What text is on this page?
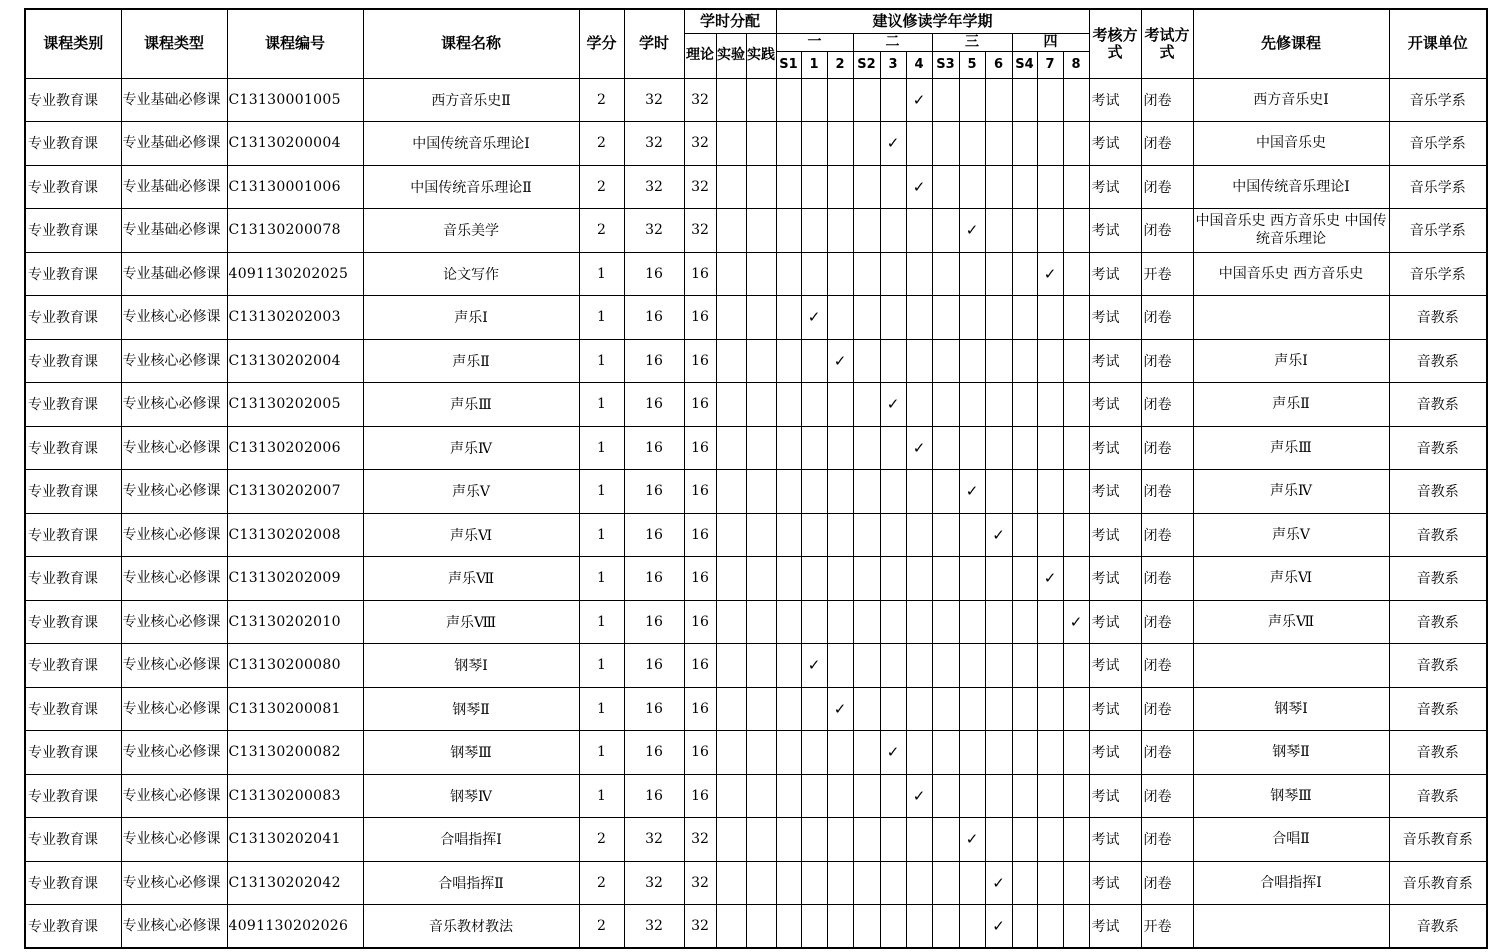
课程类别	课程类型	课程编号	课程名称	学分	学时	学时分配			建议修读学年学期												考核方式	考试方式	先修课程	开课单位
						理论	实验	实践	一			二			三			四						
									S1	1	2	S2	3	4	S3	5	6	S4	7	8				
专业教育课	专业基础必修课	C13130001005	西方音乐史Ⅱ	2	32	32								✓							考试	闭卷	西方音乐史Ⅰ	音乐学系
专业教育课	专业基础必修课	C13130200004	中国传统音乐理论Ⅰ	2	32	32							✓								考试	闭卷	中国音乐史	音乐学系
专业教育课	专业基础必修课	C13130001006	中国传统音乐理论Ⅱ	2	32	32								✓							考试	闭卷	中国传统音乐理论Ⅰ	音乐学系
专业教育课	专业基础必修课	C13130200078	音乐美学	2	32	32										✓					考试	闭卷	中国音乐史 西方音乐史 中国传统音乐理论	音乐学系
专业教育课	专业基础必修课	4091130202025	论文写作	1	16	16													✓		考试	开卷	中国音乐史 西方音乐史	音乐学系
专业教育课	专业核心必修课	C13130202003	声乐Ⅰ	1	16	16				✓											考试	闭卷		音教系
专业教育课	专业核心必修课	C13130202004	声乐Ⅱ	1	16	16					✓										考试	闭卷	声乐Ⅰ	音教系
专业教育课	专业核心必修课	C13130202005	声乐Ⅲ	1	16	16							✓								考试	闭卷	声乐Ⅱ	音教系
专业教育课	专业核心必修课	C13130202006	声乐Ⅳ	1	16	16								✓							考试	闭卷	声乐Ⅲ	音教系
专业教育课	专业核心必修课	C13130202007	声乐Ⅴ	1	16	16										✓					考试	闭卷	声乐Ⅳ	音教系
专业教育课	专业核心必修课	C13130202008	声乐Ⅵ	1	16	16											✓				考试	闭卷	声乐Ⅴ	音教系
专业教育课	专业核心必修课	C13130202009	声乐Ⅶ	1	16	16													✓		考试	闭卷	声乐Ⅵ	音教系
专业教育课	专业核心必修课	C13130202010	声乐Ⅷ	1	16	16														✓	考试	闭卷	声乐Ⅶ	音教系
专业教育课	专业核心必修课	C13130200080	钢琴Ⅰ	1	16	16				✓											考试	闭卷		音教系
专业教育课	专业核心必修课	C13130200081	钢琴Ⅱ	1	16	16					✓										考试	闭卷	钢琴Ⅰ	音教系
专业教育课	专业核心必修课	C13130200082	钢琴Ⅲ	1	16	16							✓								考试	闭卷	钢琴Ⅱ	音教系
专业教育课	专业核心必修课	C13130200083	钢琴Ⅳ	1	16	16								✓							考试	闭卷	钢琴Ⅲ	音教系
专业教育课	专业核心必修课	C13130202041	合唱指挥Ⅰ	2	32	32										✓					考试	闭卷	合唱Ⅱ	音乐教育系
专业教育课	专业核心必修课	C13130202042	合唱指挥Ⅱ	2	32	32											✓				考试	闭卷	合唱指挥Ⅰ	音乐教育系
专业教育课	专业核心必修课	4091130202026	音乐教材教法	2	32	32											✓				考试	开卷		音教系
